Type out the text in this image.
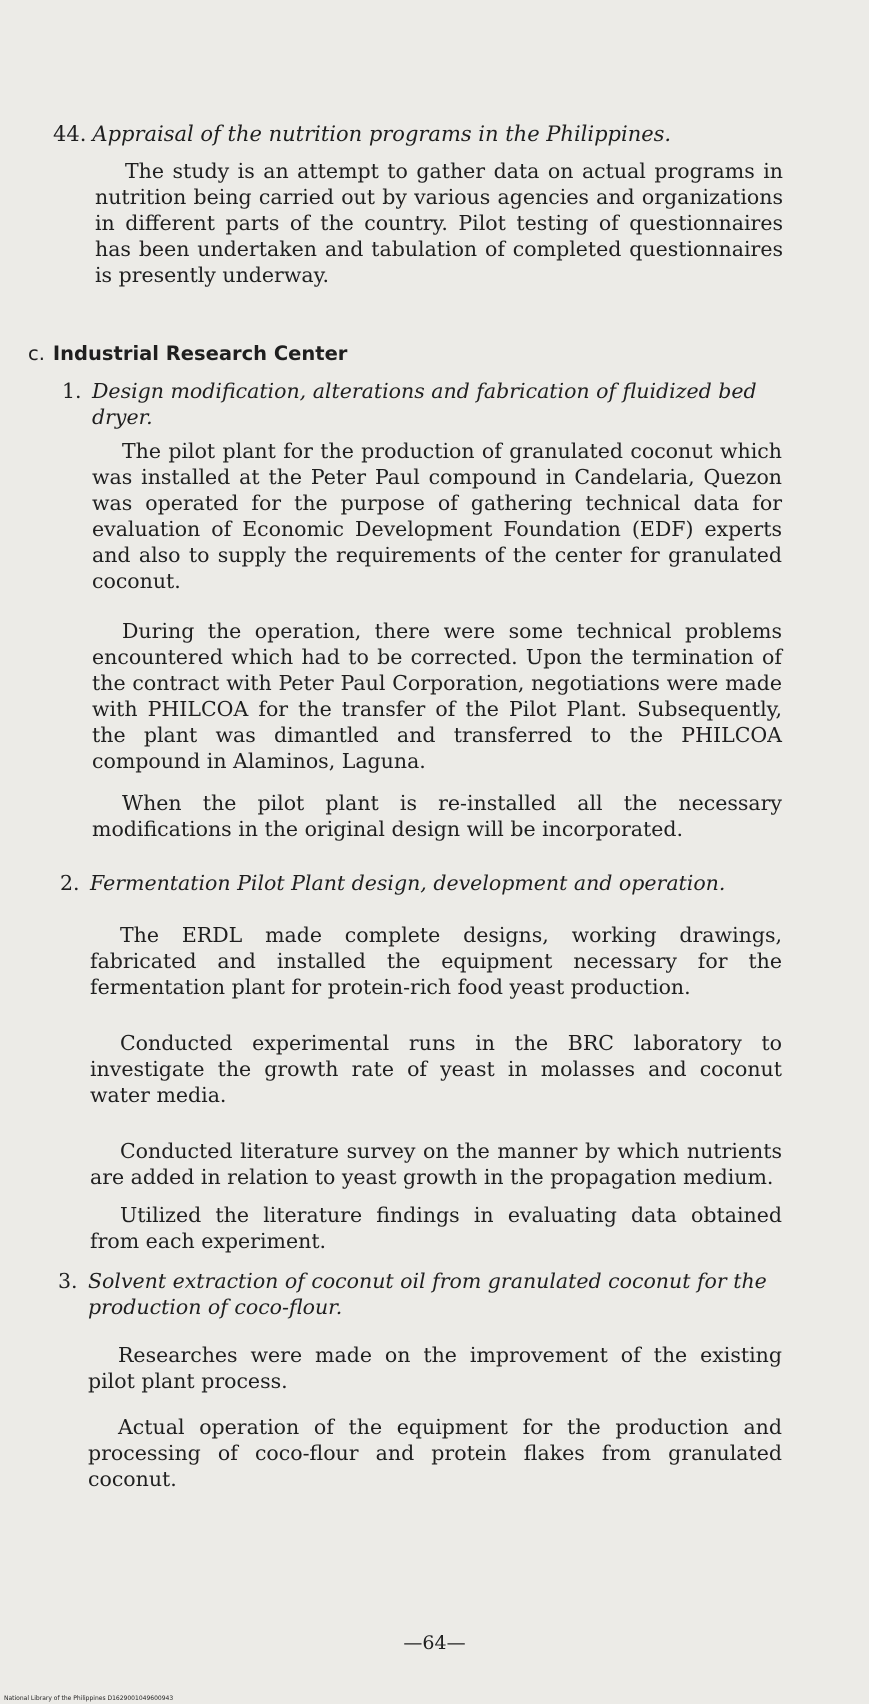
44. Appraisal of the nutrition programs in the Philippines.

The study is an attempt to gather data on actual programs in nutrition being carried out by various agencies and organizations in different parts of the country. Pilot testing of questionnaires has been undertaken and tabulation of completed questionnaires is presently underway.

c. Industrial Research Center
1. Design modification, alterations and fabrication of fluidized bed dryer.

The pilot plant for the production of granulated coconut which was installed at the Peter Paul compound in Candelaria, Quezon was operated for the purpose of gathering technical data for evaluation of Economic Development Foundation (EDF) experts and also to supply the requirements of the center for granulated coconut.

During the operation, there were some technical problems encountered which had to be corrected. Upon the termination of the contract with Peter Paul Corporation, negotiations were made with PHILCOA for the transfer of the Pilot Plant. Subsequently, the plant was dimantled and transferred to the PHILCOA compound in Alaminos, Laguna.

When the pilot plant is re-installed all the necessary modifications in the original design will be incorporated.

2. Fermentation Pilot Plant design, development and operation.

The ERDL made complete designs, working drawings, fabricated and installed the equipment necessary for the fermentation plant for protein-rich food yeast production.

Conducted experimental runs in the BRC laboratory to investigate the growth rate of yeast in molasses and coconut water media.

Conducted literature survey on the manner by which nutrients are added in relation to yeast growth in the propagation medium.

Utilized the literature findings in evaluating data obtained from each experiment.

3. Solvent extraction of coconut oil from granulated coconut for the production of coco-flour.

Researches were made on the improvement of the existing pilot plant process.

Actual operation of the equipment for the production and processing of coco-flour and protein flakes from granulated coconut.

—64—
National Library of the Philippines D1629001049600943
